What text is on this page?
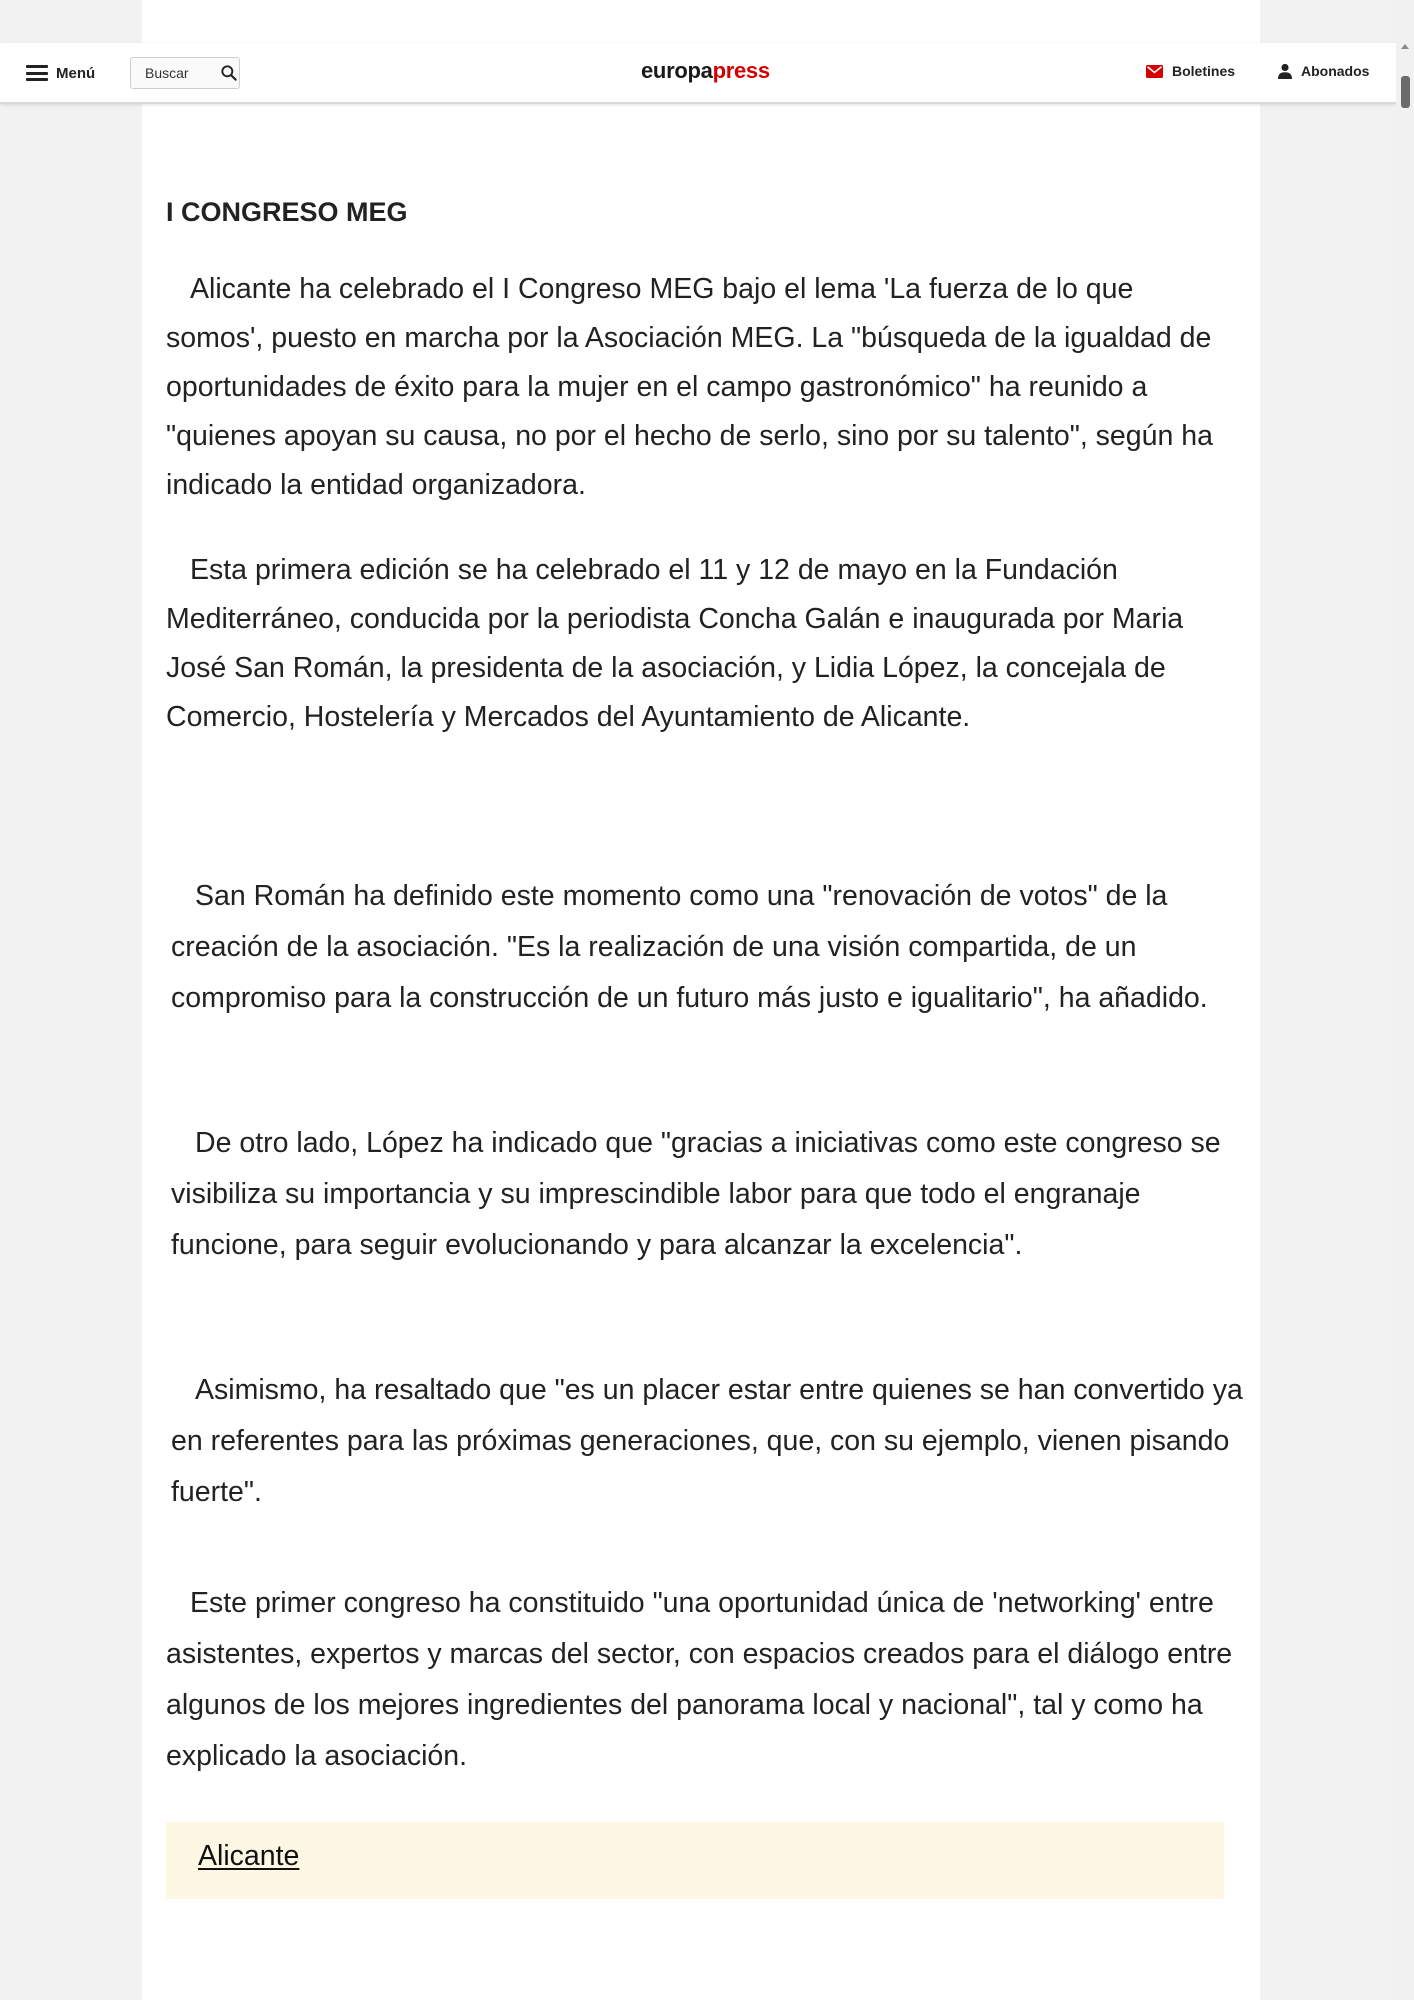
Menú
Buscar	europapress	Boletines	Abonados
I CONGRESO MEG

Alicante ha celebrado el I Congreso MEG bajo el lema 'La fuerza de lo que somos', puesto en marcha por la Asociación MEG. La "búsqueda de la igualdad de oportunidades de éxito para la mujer en el campo gastronómico" ha reunido a "quienes apoyan su causa, no por el hecho de serlo, sino por su talento", según ha indicado la entidad organizadora.

Esta primera edición se ha celebrado el 11 y 12 de mayo en la Fundación Mediterráneo, conducida por la periodista Concha Galán e inaugurada por Maria José San Román, la presidenta de la asociación, y Lidia López, la concejala de Comercio, Hostelería y Mercados del Ayuntamiento de Alicante.

San Román ha definido este momento como una "renovación de votos" de la creación de la asociación. "Es la realización de una visión compartida, de un compromiso para la construcción de un futuro más justo e igualitario", ha añadido.

De otro lado, López ha indicado que "gracias a iniciativas como este congreso se visibiliza su importancia y su imprescindible labor para que todo el engranaje funcione, para seguir evolucionando y para alcanzar la excelencia".

Asimismo, ha resaltado que "es un placer estar entre quienes se han convertido ya en referentes para las próximas generaciones, que, con su ejemplo, vienen pisando fuerte".

Este primer congreso ha constituido "una oportunidad única de 'networking' entre asistentes, expertos y marcas del sector, con espacios creados para el diálogo entre algunos de los mejores ingredientes del panorama local y nacional", tal y como ha explicado la asociación.

Alicante
